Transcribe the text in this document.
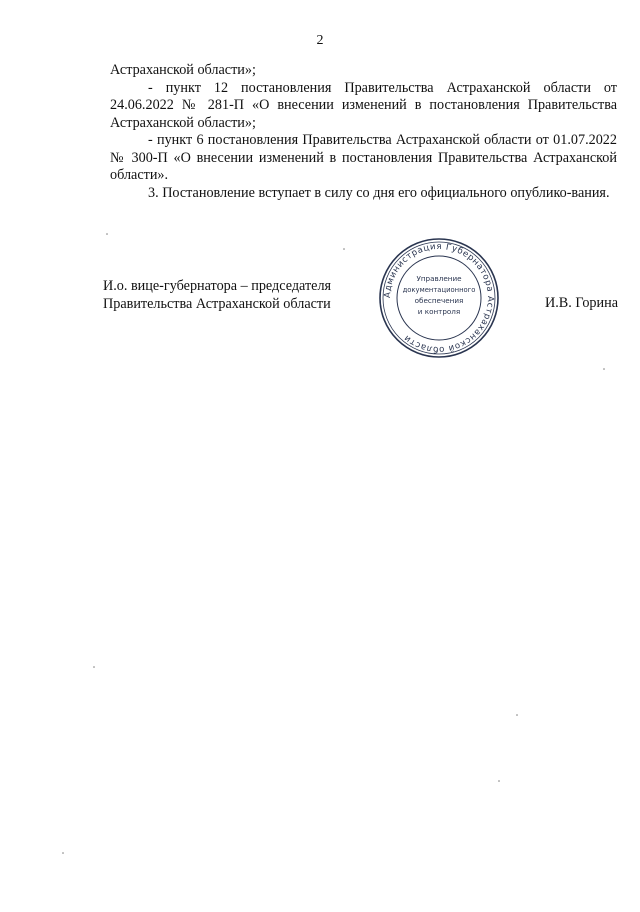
2

Астраханской области»;

- пункт 12 постановления Правительства Астраханской области от 24.06.2022 № 281-П «О внесении изменений в постановления Правительства Астраханской области»;

- пункт 6 постановления Правительства Астраханской области от 01.07.2022 № 300-П «О внесении изменений в постановления Правительства Астраханской области».

3. Постановление вступает в силу со дня его официального опублико-вания.

И.о. вице-губернатора – председателя
Правительства Астраханской области	И.В. Горина
Администрация Губернатора Астраханской области
Управление
документационного
обеспечения
и контроля
